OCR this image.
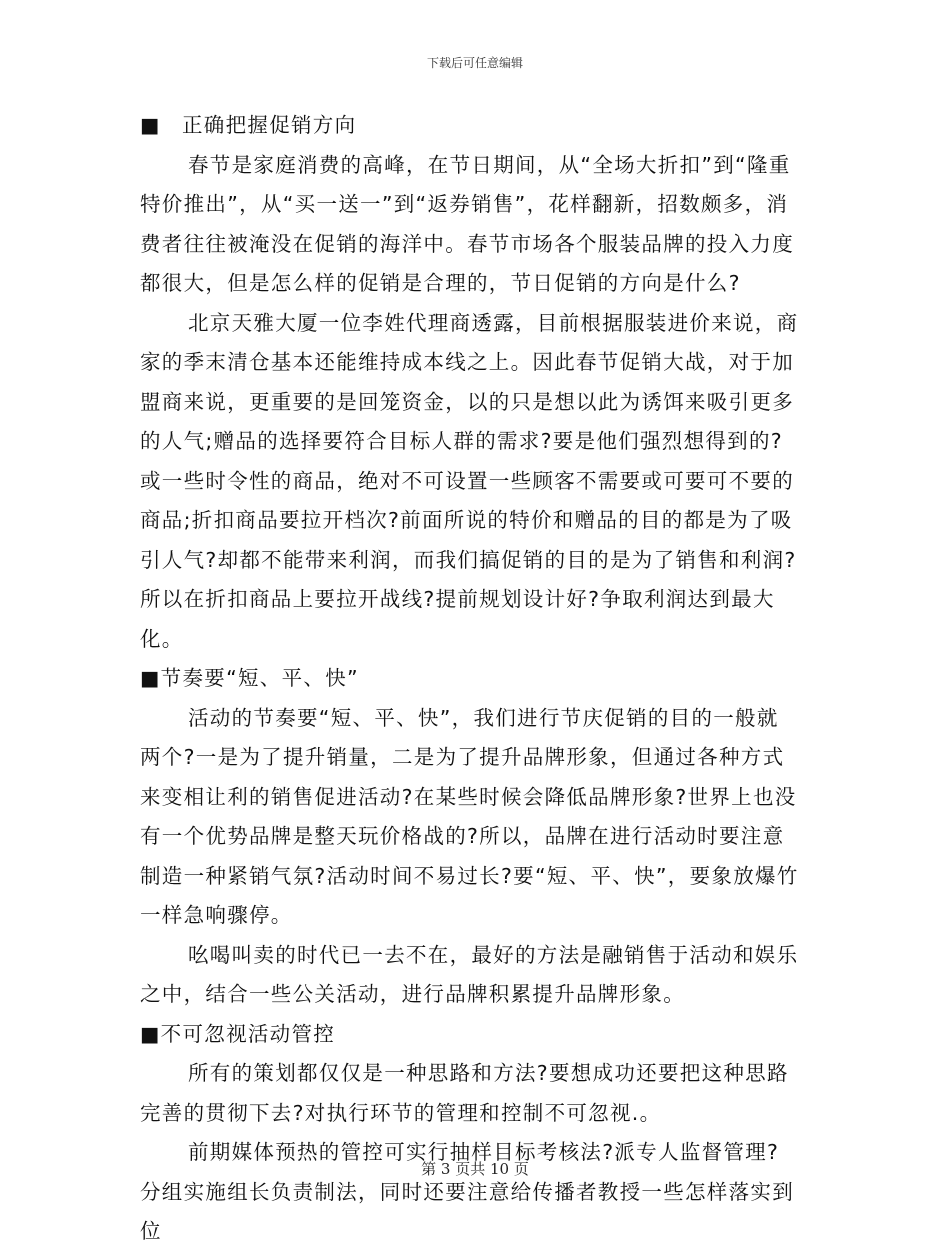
下载后可任意编辑

■ 正确把握促销方向

春节是家庭消费的高峰，在节日期间，从“全场大折扣”到“隆重特价推出”，从“买一送一”到“返券销售”，花样翻新，招数颇多，消费者往往被淹没在促销的海洋中。春节市场各个服装品牌的投入力度都很大，但是怎么样的促销是合理的，节日促销的方向是什么?

北京天雅大厦一位李姓代理商透露，目前根据服装进价来说，商家的季末清仓基本还能维持成本线之上。因此春节促销大战，对于加盟商来说，更重要的是回笼资金，以的只是想以此为诱饵来吸引更多的人气;赠品的选择要符合目标人群的需求?要是他们强烈想得到的?或一些时令性的商品，绝对不可设置一些顾客不需要或可要可不要的商品;折扣商品要拉开档次?前面所说的特价和赠品的目的都是为了吸引人气?却都不能带来利润，而我们搞促销的目的是为了销售和利润?所以在折扣商品上要拉开战线?提前规划设计好?争取利润达到最大化。

■节奏要“短、平、快”

活动的节奏要“短、平、快”，我们进行节庆促销的目的一般就两个?一是为了提升销量，二是为了提升品牌形象，但通过各种方式来变相让利的销售促进活动?在某些时候会降低品牌形象?世界上也没有一个优势品牌是整天玩价格战的?所以，品牌在进行活动时要注意制造一种紧销气氛?活动时间不易过长?要“短、平、快”，要象放爆竹一样急响骤停。

吆喝叫卖的时代已一去不在，最好的方法是融销售于活动和娱乐之中，结合一些公关活动，进行品牌积累提升品牌形象。

■不可忽视活动管控

所有的策划都仅仅是一种思路和方法?要想成功还要把这种思路完善的贯彻下去?对执行环节的管理和控制不可忽视.。

前期媒体预热的管控可实行抽样目标考核法?派专人监督管理?分组实施组长负责制法，同时还要注意给传播者教授一些怎样落实到位

第 3 页共 10 页
